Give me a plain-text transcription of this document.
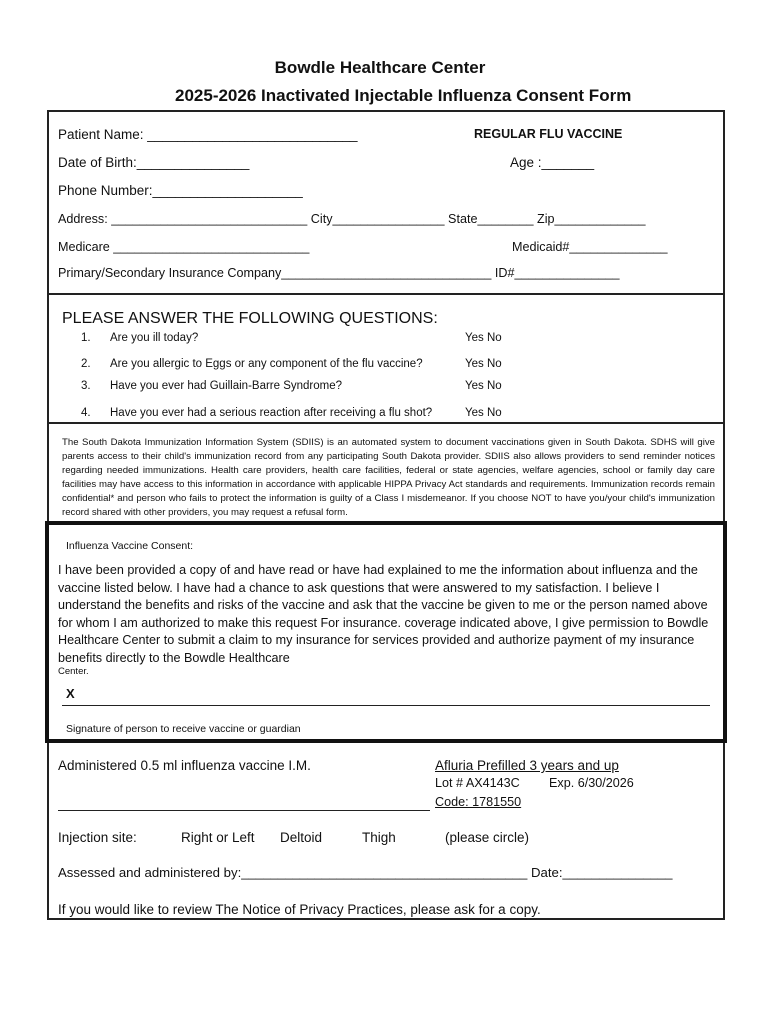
Bowdle Healthcare Center
2025-2026 Inactivated Injectable Influenza Consent Form
Patient Name: ____________________________	REGULAR FLU VACCINE
Date of Birth:_______________	Age :_______
Phone Number:____________________
Address: ____________________________ City________________ State________ Zip_____________
Medicare ____________________________	Medicaid#______________
Primary/Secondary Insurance Company______________________________ ID#_______________
PLEASE ANSWER THE FOLLOWING QUESTIONS:
1. Are you ill today?	Yes No
2. Are you allergic to Eggs or any component of the flu vaccine?	Yes No
3. Have you ever had Guillain-Barre Syndrome?	Yes No
4. Have you ever had a serious reaction after receiving a flu shot?	Yes No
The South Dakota Immunization Information System (SDIIS) is an automated system to document vaccinations given in South Dakota. SDHS will give parents access to their child's immunization record from any participating South Dakota provider. SDIIS also allows providers to send reminder notices regarding needed immunizations. Health care providers, health care facilities, federal or state agencies, welfare agencies, school or family day care facilities may have access to this information in accordance with applicable HIPPA Privacy Act standards and requirements. Immunization records remain confidential* and person who fails to protect the information is guilty of a Class I misdemeanor. If you choose NOT to have you/your child's immunization record shared with other providers, you may request a refusal form.
Influenza Vaccine Consent:
I have been provided a copy of and have read or have had explained to me the information about influenza and the vaccine listed below. I have had a chance to ask questions that were answered to my satisfaction. I believe I understand the benefits and risks of the vaccine and ask that the vaccine be given to me or the person named above for whom I am authorized to make this request For insurance. coverage indicated above, I give permission to Bowdle Healthcare Center to submit a claim to my insurance for services provided and authorize payment of my insurance benefits directly to the Bowdle Healthcare
Center.
X
Signature of person to receive vaccine or guardian
Administered 0.5 ml influenza vaccine I.M.	Afluria Prefilled 3 years and up
Lot # AX4143C Exp. 6/30/2026
Code: 1781550
Injection site:	Right or Left Deltoid	Thigh	(please circle)
Assessed and administered by:_______________________________________ Date:_______________
If you would like to review The Notice of Privacy Practices, please ask for a copy.
